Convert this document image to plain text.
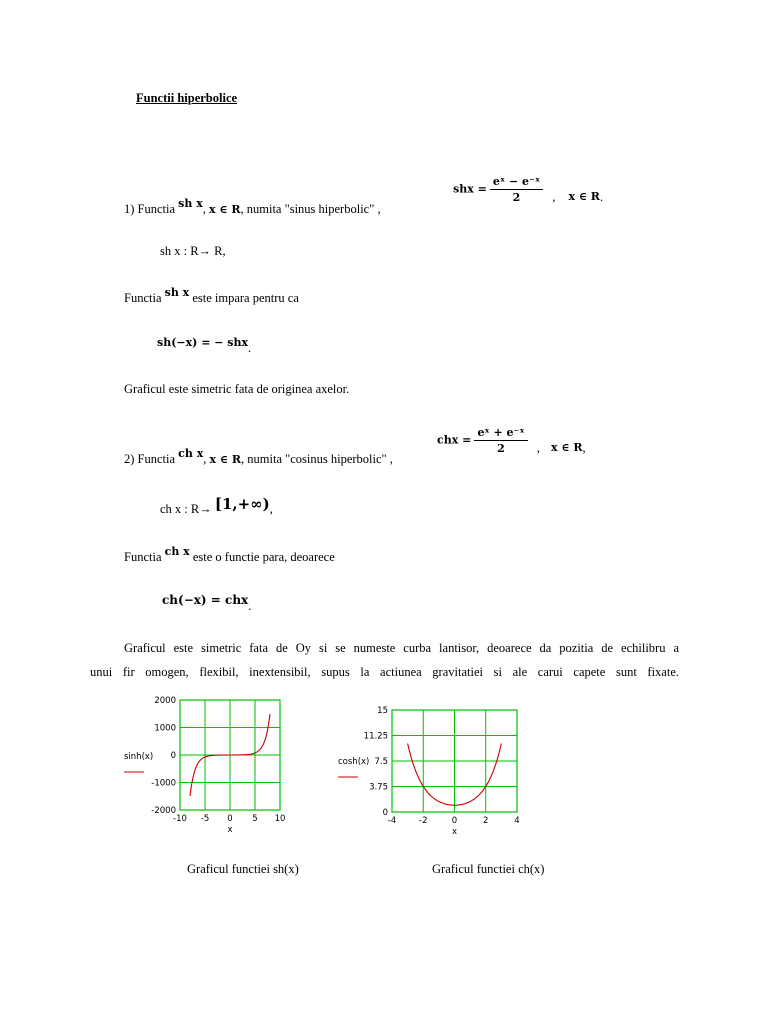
Functii hiperbolice
1) Functia sh x, x ∈ R, numita "sinus hiperbolic" ,
shx = $\frac{\text{eˣ − e⁻ˣ}}{2}$ , x ∈ R.
sh x : R→ R,
Functia sh x este impara pentru ca
sh(−x) = − shx.
Graficul este simetric fata de originea axelor.
2) Functia ch x, x ∈ R, numita "cosinus hiperbolic" ,
chx = $\frac{\text{eˣ + e⁻ˣ}}{2}$ , x ∈ R,
ch x : R→ [1,+∞),
Functia ch x este o functie para, deoarece
ch(−x) = chx.
Graficul este simetric fata de Oy si se numeste curba lantisor, deoarece da pozitia de echilibru a
unui fir omogen, flexibil, inextensibil, supus la actiunea gravitatiei si ale carui capete sunt fixate.
2000
1000
0
-1000
-2000
-10 -5 0 5 10
x
sinh(x)
15
11.25
7.5
3.75
0
-4	-2	0	2	4
x
cosh(x)
Graficul functiei sh(x)	Graficul functiei ch(x)
